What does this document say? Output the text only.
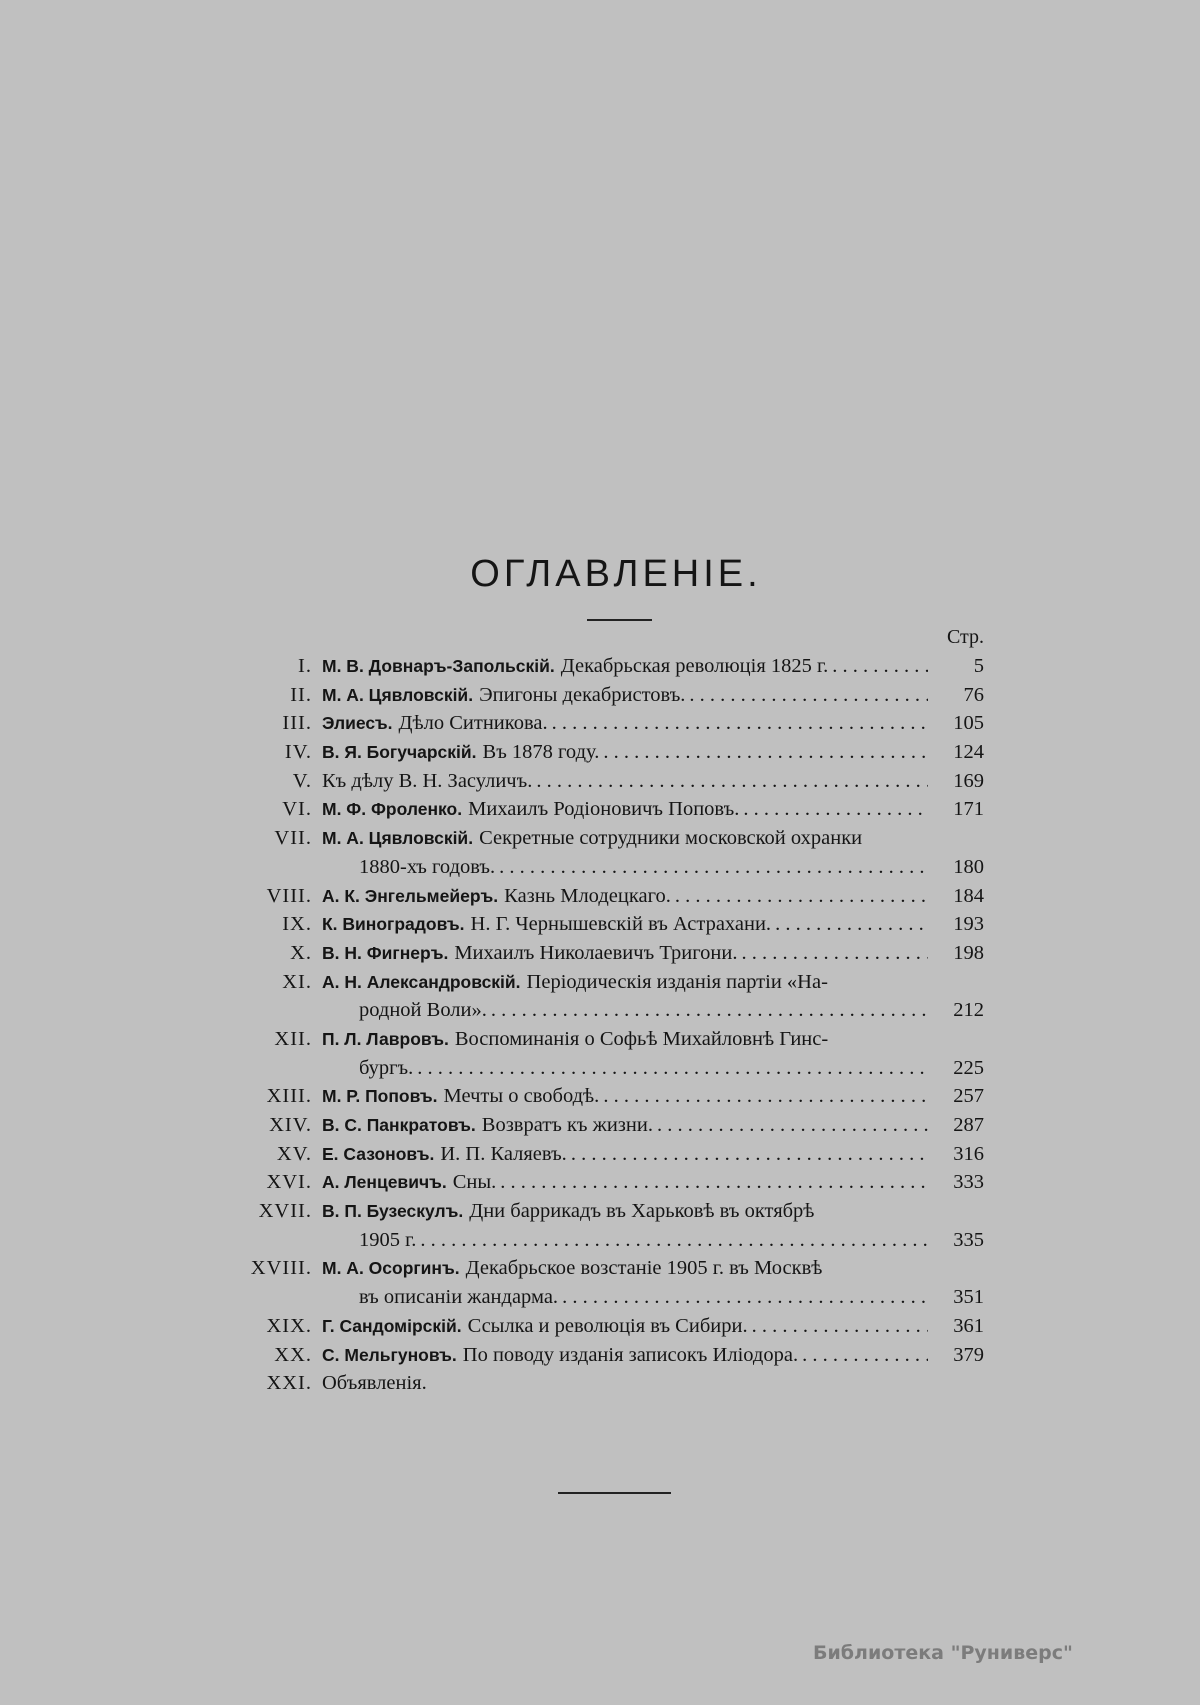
ОГЛАВЛЕНІЕ.
Стр.
I. М. В. Довнаръ-Запольскій. Декабрьская революція 1825 г. . . .	5
II. М. А. Цявловскій. Эпигоны декабристовъ. . . .	76
III. Элиесъ. Дѣло Ситникова. . . .	105
IV. В. Я. Богучарскій. Въ 1878 году. . . .	124
V. Къ дѣлу В. Н. Засуличъ. . . .	169
VI. М. Ф. Фроленко. Михаилъ Родіоновичъ Поповъ. . . .	171
VII. М. А. Цявловскій. Секретные сотрудники московской охранки
1880-хъ годовъ. . . .	180
VIII. А. К. Энгельмейеръ. Казнь Млодецкаго. . . .	184
IX. К. Виноградовъ. Н. Г. Чернышевскій въ Астрахани. . . .	193
X. В. Н. Фигнеръ. Михаилъ Николаевичъ Тригони. . . .	198
XI. А. Н. Александровскій. Періодическія изданія партіи «На-
родной Воли». . . .	212
XII. П. Л. Лавровъ. Воспоминанія о Софьѣ Михайловнѣ Гинс-
бургъ. . . .	225
XIII. М. Р. Поповъ. Мечты о свободѣ. . . .	257
XIV. В. С. Панкратовъ. Возвратъ къ жизни. . . .	287
XV. Е. Сазоновъ. И. П. Каляевъ. . . .	316
XVI. А. Ленцевичъ. Сны. . . .	333
XVII. В. П. Бузескулъ. Дни баррикадъ въ Харьковѣ въ октябрѣ
1905 г. . . .	335
XVIII. М. А. Осоргинъ. Декабрьское возстаніе 1905 г. въ Москвѣ
въ описаніи жандарма. . . .	351
XIX. Г. Сандомірскій. Ссылка и революція въ Сибири. . . .	361
XX. С. Мельгуновъ. По поводу изданія записокъ Иліодора. . . .	379
XXI. Объявленія.
Библиотека "Руниверс"
